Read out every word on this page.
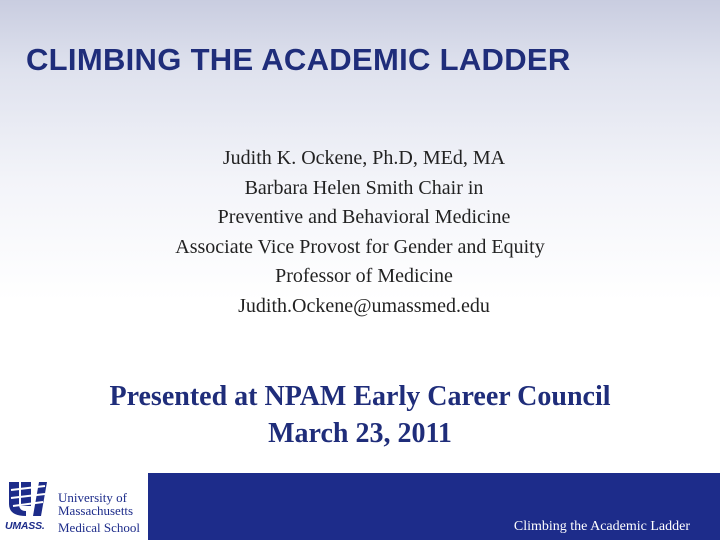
CLIMBING THE ACADEMIC LADDER
Judith K. Ockene, Ph.D, MEd, MA
Barbara Helen Smith Chair in
Preventive and Behavioral Medicine
Associate Vice Provost for Gender and Equity
Professor of Medicine
Judith.Ockene@umassmed.edu
Presented at NPAM Early Career Council
March 23, 2011
University of
Massachusetts
UMASS. Medical School	Climbing the Academic Ladder
